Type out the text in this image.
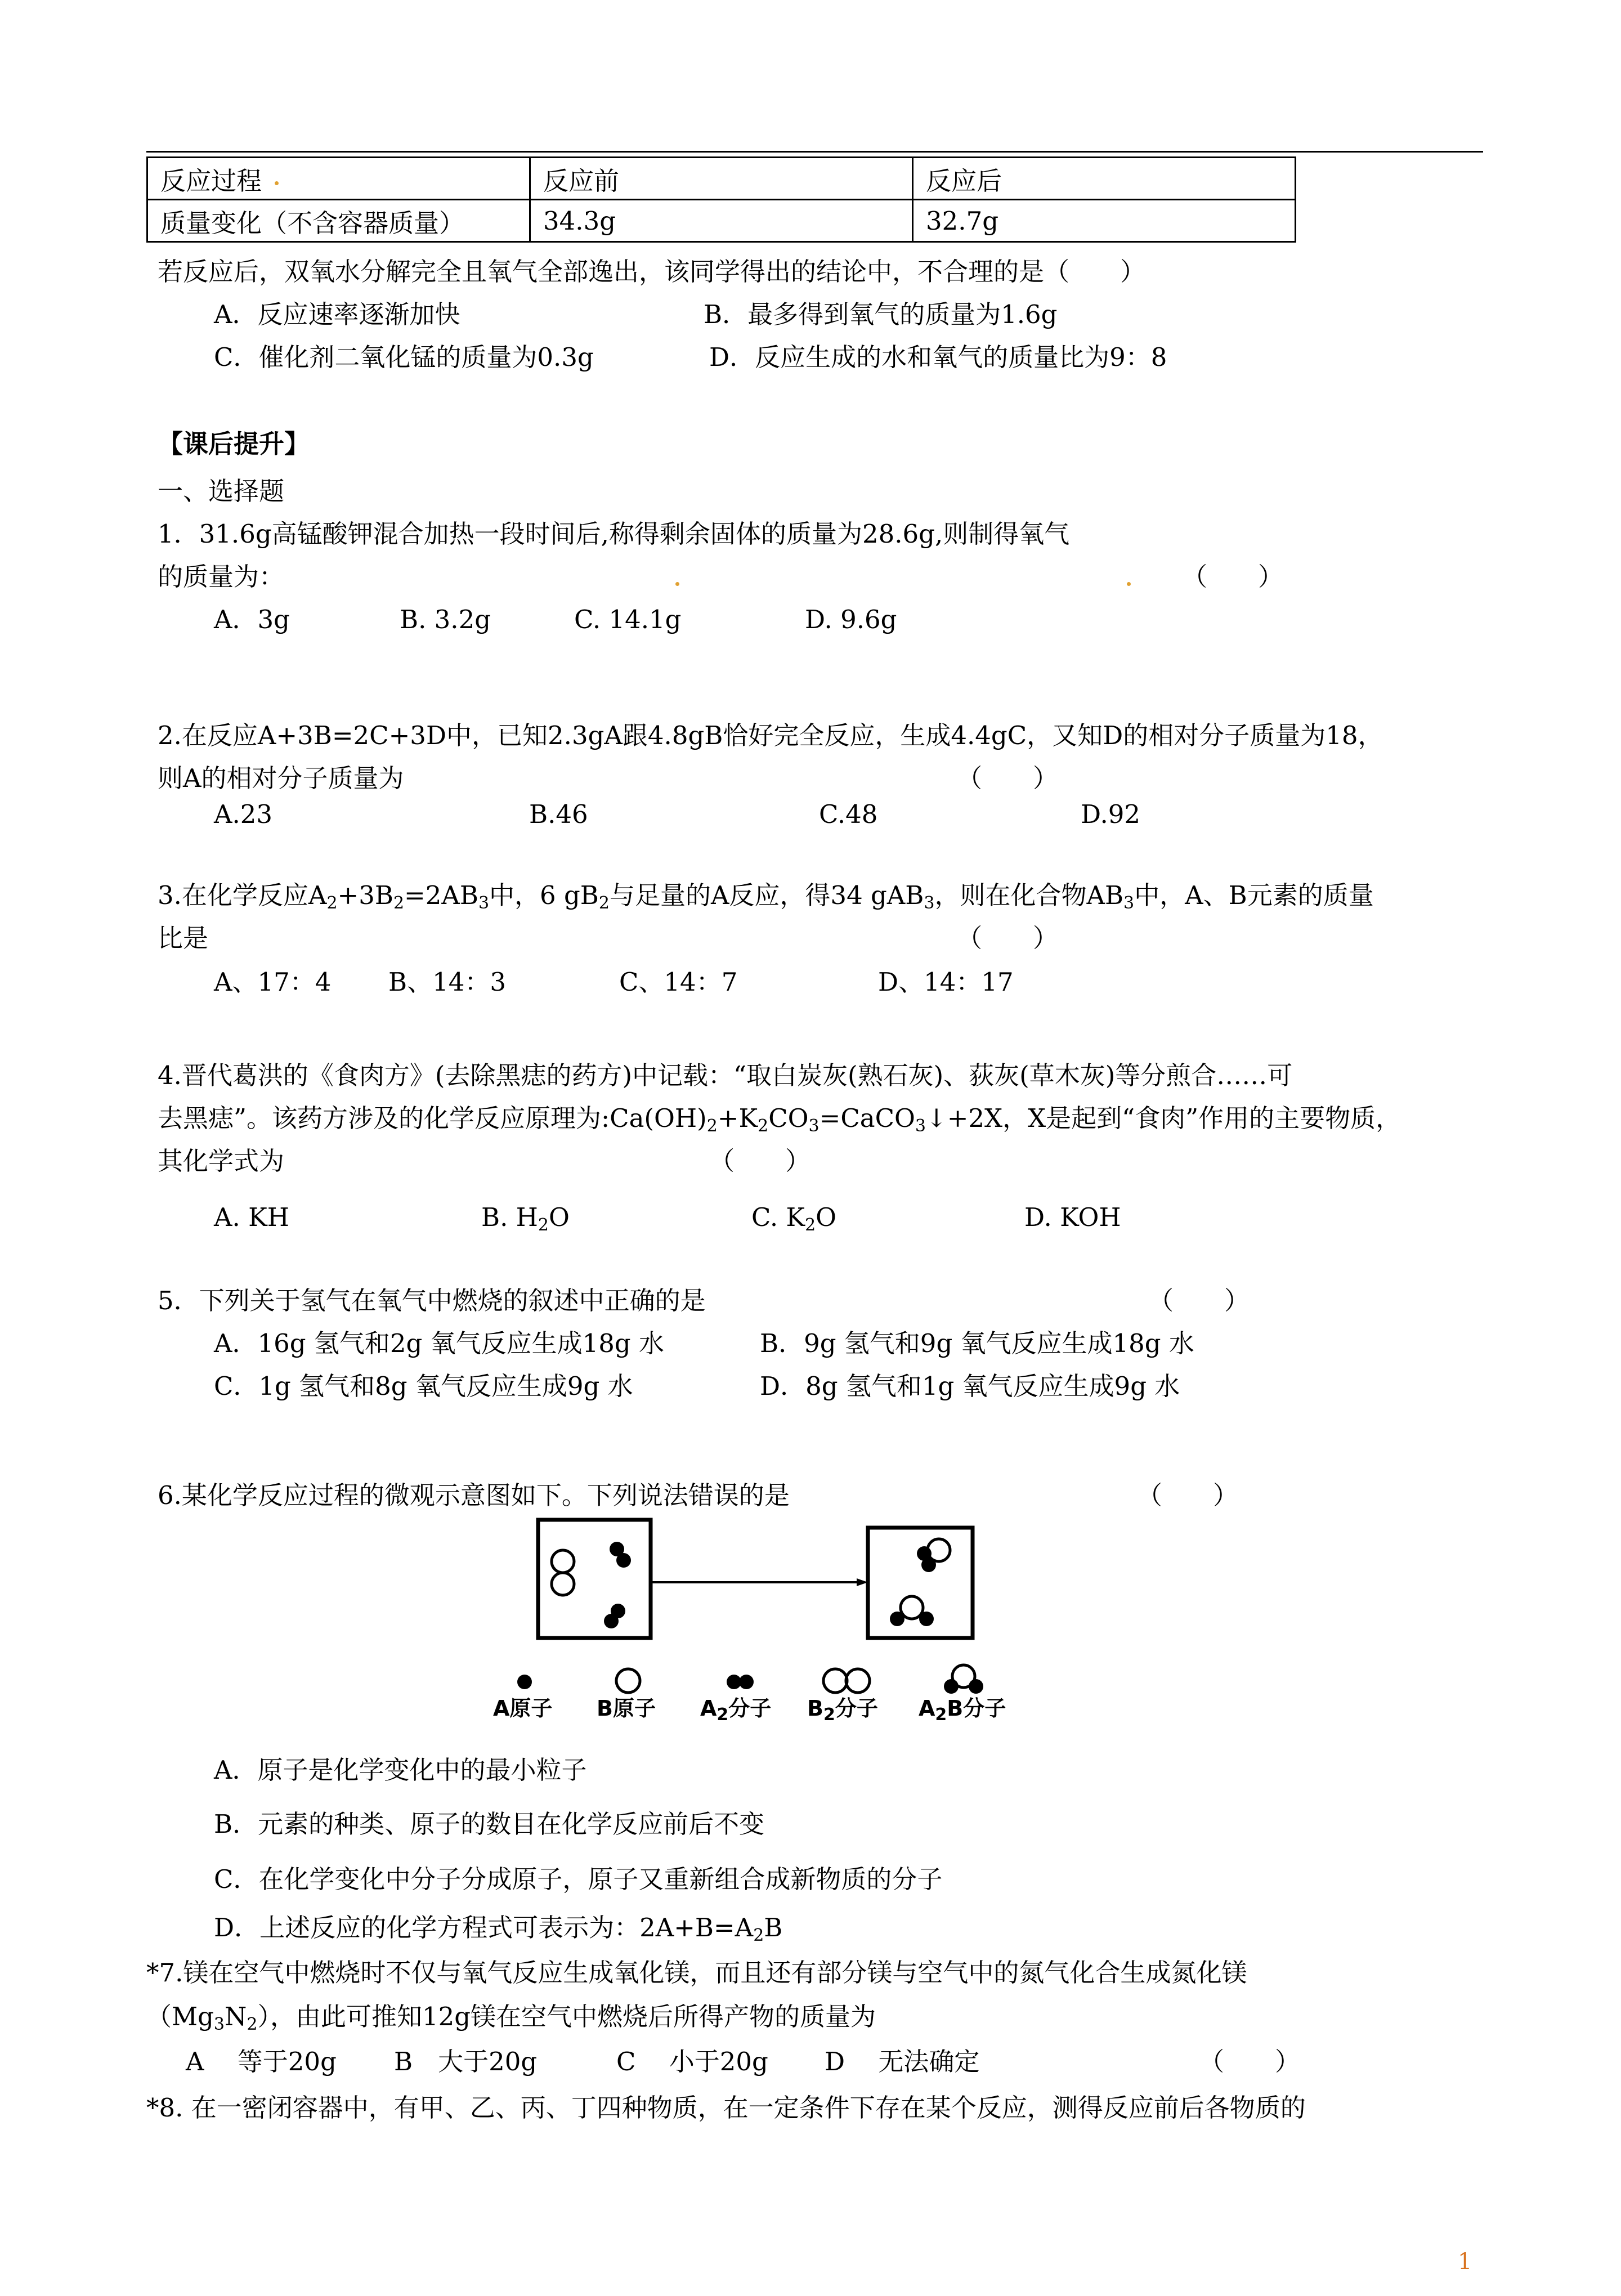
反应过程	反应前	反应后
质量变化（不含容器质量）	34.3g	32.7g
若反应后，双氧水分解完全且氧气全部逸出，该同学得出的结论中，不合理的是（　　）
A．反应速率逐渐加快	B．最多得到氧气的质量为1.6g
C．催化剂二氧化锰的质量为0.3g	D．反应生成的水和氧气的质量比为9：8
【课后提升】
一、选择题
1．31.6g高锰酸钾混合加热一段时间后,称得剩余固体的质量为28.6g,则制得氧气
的质量为：	（　　）
A．3g	B. 3.2g	C. 14.1g	D. 9.6g
2.在反应A+3B=2C+3D中，已知2.3gA跟4.8gB恰好完全反应，生成4.4gC，又知D的相对分子质量为18，
则A的相对分子质量为	（　　）
A.23	B.46	C.48	D.92
3.在化学反应$A_2+3B_2=2AB_3$中，6 $gB_2$与足量的A反应，得34 gAB$_3$，则在化合物$AB_3$中，A、B元素的质量
比是	（　　）
A、17：4 B、14：3	C、14：7	D、14：17
4.晋代葛洪的《食肉方》(去除黑痣的药方)中记载：“取白炭灰(熟石灰)、荻灰(草木灰)等分煎合……可
去黑痣”。该药方涉及的化学反应原理为$:Ca(OH)_2+K_2CO_3=CaCO_3↓+2X$，X是起到“食肉”作用的主要物质，
其化学式为	（　　）
A. KH	B. $H_2O$	C. $K_2O$	D. KOH
5．下列关于氢气在氧气中燃烧的叙述中正确的是	（　　）
A．16g 氢气和2g 氧气反应生成18g 水	B．9g 氢气和9g 氧气反应生成18g 水
C．1g 氢气和8g 氧气反应生成9g 水	D．8g 氢气和1g 氧气反应生成9g 水
6.某化学反应过程的微观示意图如下。下列说法错误的是	（　　）
A原子 B原子 $A_2$分子 $B_2$分子 $A_2B$分子
A．原子是化学变化中的最小粒子
B．元素的种类、原子的数目在化学反应前后不变
C．在化学变化中分子分成原子，原子又重新组合成新物质的分子
D．上述反应的化学方程式可表示为：$2A+B=A_2B$
*7.镁在空气中燃烧时不仅与氧气反应生成氧化镁，而且还有部分镁与空气中的氮气化合生成氮化镁
$(Mg_3N_2)$，由此可推知12g镁在空气中燃烧后所得产物的质量为
A　 等于20g B　大于20g	C　 小于20g D　 无法确定	（　　）
*8. 在一密闭容器中，有甲、乙、丙、丁四种物质，在一定条件下存在某个反应，测得反应前后各物质的
1
